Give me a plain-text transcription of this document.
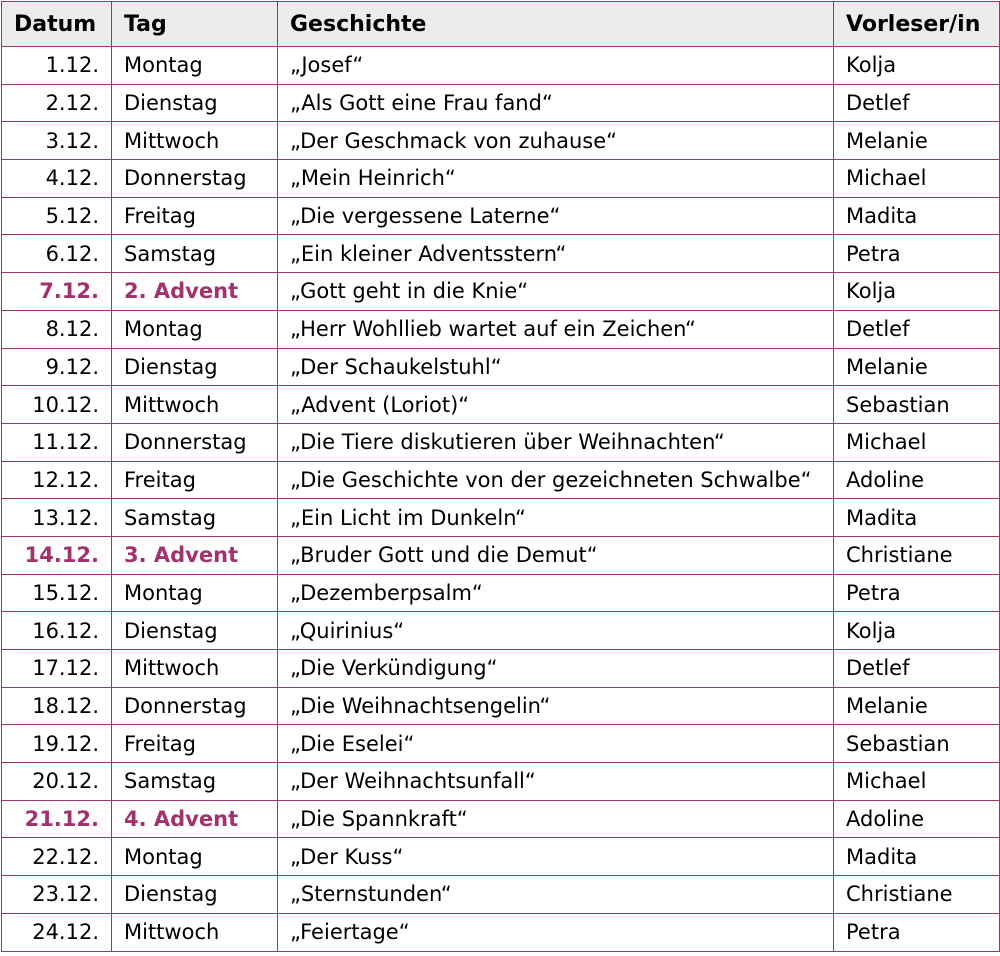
Datum	Tag	Geschichte	Vorleser/in
1.12.	Montag	„Josef“	Kolja
2.12.	Dienstag	„Als Gott eine Frau fand“	Detlef
3.12.	Mittwoch	„Der Geschmack von zuhause“	Melanie
4.12.	Donnerstag	„Mein Heinrich“	Michael
5.12.	Freitag	„Die vergessene Laterne“	Madita
6.12.	Samstag	„Ein kleiner Adventsstern“	Petra
7.12.	2. Advent	„Gott geht in die Knie“	Kolja
8.12.	Montag	„Herr Wohllieb wartet auf ein Zeichen“	Detlef
9.12.	Dienstag	„Der Schaukelstuhl“	Melanie
10.12.	Mittwoch	„Advent (Loriot)“	Sebastian
11.12.	Donnerstag	„Die Tiere diskutieren über Weihnachten“	Michael
12.12.	Freitag	„Die Geschichte von der gezeichneten Schwalbe“	Adoline
13.12.	Samstag	„Ein Licht im Dunkeln“	Madita
14.12.	3. Advent	„Bruder Gott und die Demut“	Christiane
15.12.	Montag	„Dezemberpsalm“	Petra
16.12.	Dienstag	„Quirinius“	Kolja
17.12.	Mittwoch	„Die Verkündigung“	Detlef
18.12.	Donnerstag	„Die Weihnachtsengelin“	Melanie
19.12.	Freitag	„Die Eselei“	Sebastian
20.12.	Samstag	„Der Weihnachtsunfall“	Michael
21.12.	4. Advent	„Die Spannkraft“	Adoline
22.12.	Montag	„Der Kuss“	Madita
23.12.	Dienstag	„Sternstunden“	Christiane
24.12.	Mittwoch	„Feiertage“	Petra
